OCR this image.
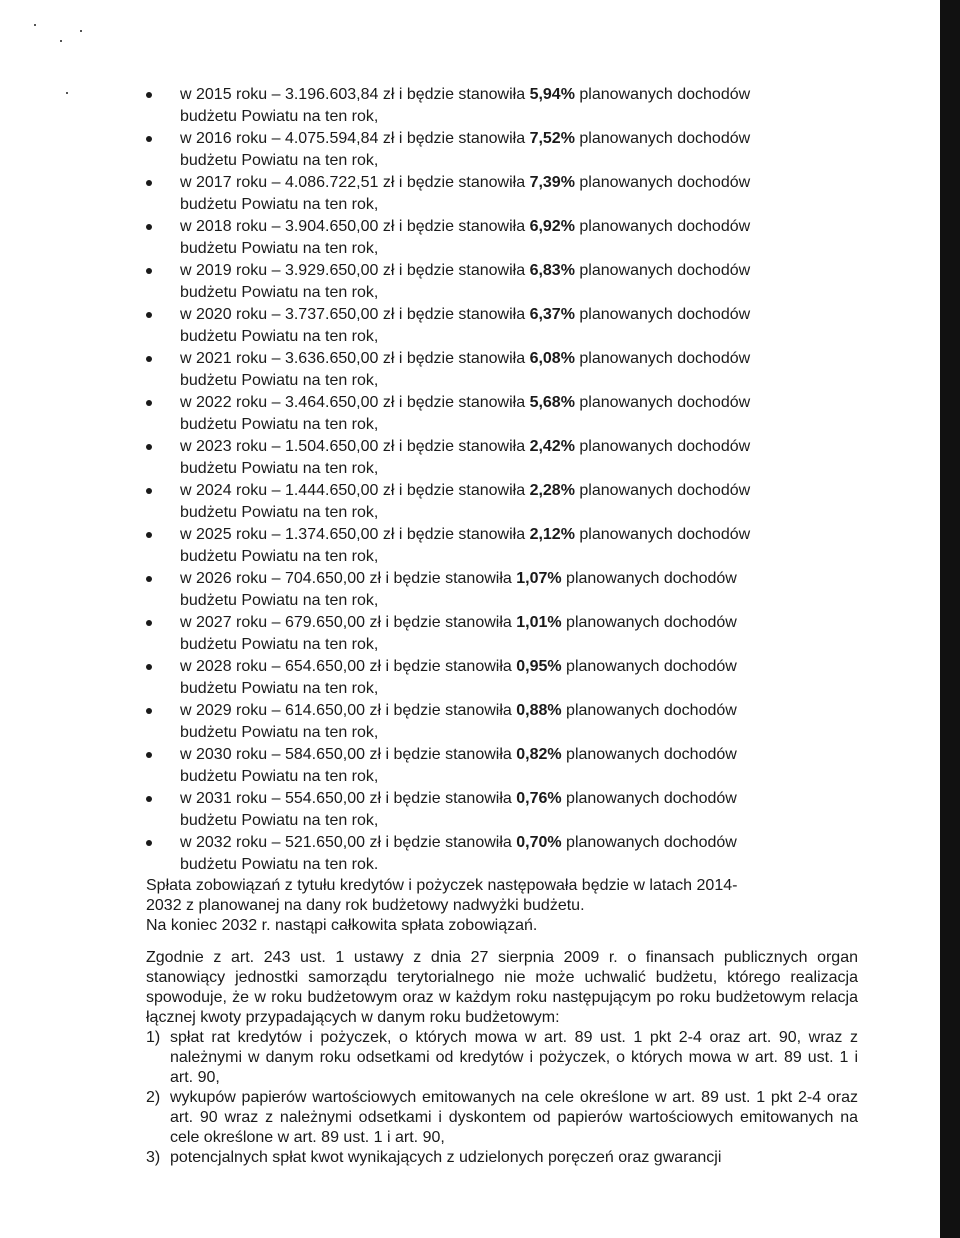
w 2015 roku – 3.196.603,84 zł i będzie stanowiła 5,94% planowanych dochodów
budżetu Powiatu na ten rok,
w 2016 roku – 4.075.594,84 zł i będzie stanowiła 7,52% planowanych dochodów
budżetu Powiatu na ten rok,
w 2017 roku – 4.086.722,51 zł i będzie stanowiła 7,39% planowanych dochodów
budżetu Powiatu na ten rok,
w 2018 roku – 3.904.650,00 zł i będzie stanowiła 6,92% planowanych dochodów
budżetu Powiatu na ten rok,
w 2019 roku – 3.929.650,00 zł i będzie stanowiła 6,83% planowanych dochodów
budżetu Powiatu na ten rok,
w 2020 roku – 3.737.650,00 zł i będzie stanowiła 6,37% planowanych dochodów
budżetu Powiatu na ten rok,
w 2021 roku – 3.636.650,00 zł i będzie stanowiła 6,08% planowanych dochodów
budżetu Powiatu na ten rok,
w 2022 roku – 3.464.650,00 zł i będzie stanowiła 5,68% planowanych dochodów
budżetu Powiatu na ten rok,
w 2023 roku – 1.504.650,00 zł i będzie stanowiła 2,42% planowanych dochodów
budżetu Powiatu na ten rok,
w 2024 roku – 1.444.650,00 zł i będzie stanowiła 2,28% planowanych dochodów
budżetu Powiatu na ten rok,
w 2025 roku – 1.374.650,00 zł i będzie stanowiła 2,12% planowanych dochodów
budżetu Powiatu na ten rok,
w 2026 roku – 704.650,00 zł i będzie stanowiła 1,07% planowanych dochodów
budżetu Powiatu na ten rok,
w 2027 roku – 679.650,00 zł i będzie stanowiła 1,01% planowanych dochodów
budżetu Powiatu na ten rok,
w 2028 roku – 654.650,00 zł i będzie stanowiła 0,95% planowanych dochodów
budżetu Powiatu na ten rok,
w 2029 roku – 614.650,00 zł i będzie stanowiła 0,88% planowanych dochodów
budżetu Powiatu na ten rok,
w 2030 roku – 584.650,00 zł i będzie stanowiła 0,82% planowanych dochodów
budżetu Powiatu na ten rok,
w 2031 roku – 554.650,00 zł i będzie stanowiła 0,76% planowanych dochodów
budżetu Powiatu na ten rok,
w 2032 roku – 521.650,00 zł i będzie stanowiła 0,70% planowanych dochodów
budżetu Powiatu na ten rok.

Spłata zobowiązań z tytułu kredytów i pożyczek następowała będzie w latach 2014-

2032 z planowanej na dany rok budżetowy nadwyżki budżetu.

Na koniec 2032 r. nastąpi całkowita spłata zobowiązań.

Zgodnie z art. 243 ust. 1 ustawy z dnia 27 sierpnia 2009 r. o finansach publicznych organ stanowiący jednostki samorządu terytorialnego nie może uchwalić budżetu, którego realizacja spowoduje, że w roku budżetowym oraz w każdym roku następującym po roku budżetowym relacja łącznej kwoty przypadających w danym roku budżetowym:

1) spłat rat kredytów i pożyczek, o których mowa w art. 89 ust. 1 pkt 2-4 oraz art. 90, wraz z należnymi w danym roku odsetkami od kredytów i pożyczek, o których mowa w art. 89 ust. 1 i art. 90,
2) wykupów papierów wartościowych emitowanych na cele określone w art. 89 ust. 1 pkt 2-4 oraz art. 90 wraz z należnymi odsetkami i dyskontem od papierów wartościowych emitowanych na cele określone w art. 89 ust. 1 i art. 90,
3) potencjalnych spłat kwot wynikających z udzielonych poręczeń oraz gwarancji
